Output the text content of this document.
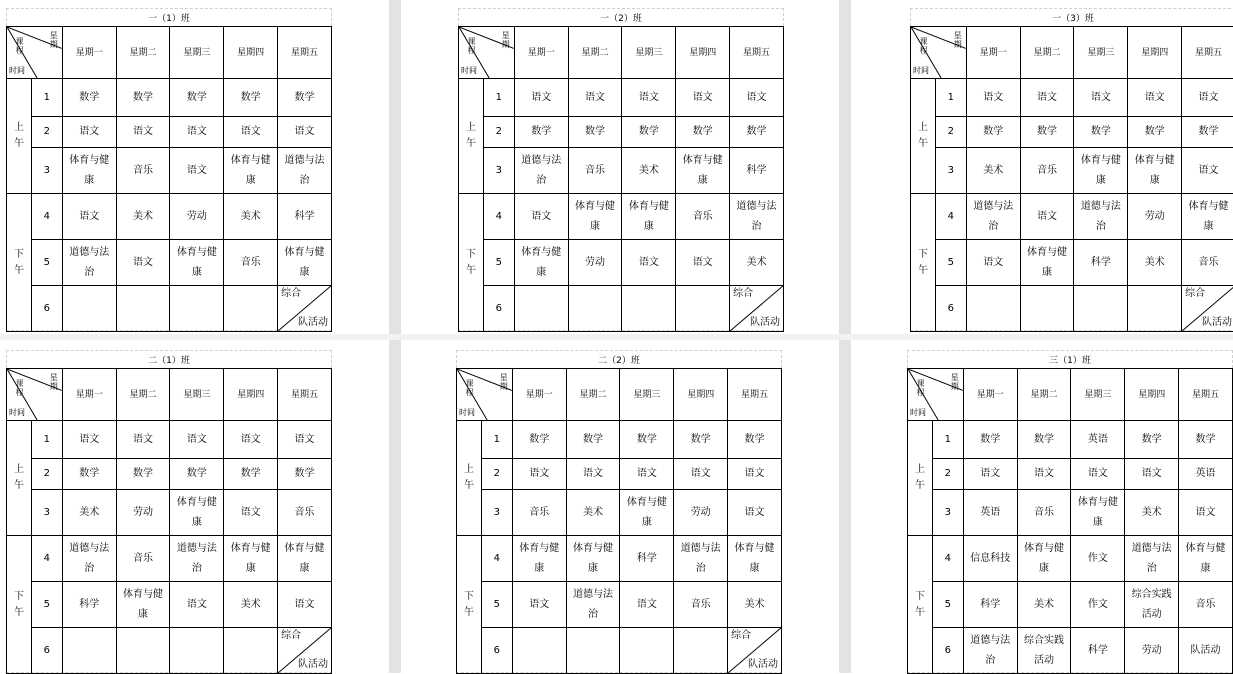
一（1）班
星期
课程
时间		星期一	星期二	星期三	星期四	星期五

上
午	1	数学	数学	数学	数学	数学
	2	语文	语文	语文	语文	语文
	3	体育与健康	音乐	语文	体育与健康	道德与法治

下
午	4	语文	美术	劳动	美术	科学
	5	道德与法治	语文	体育与健康	音乐	体育与健康
	6					综合
队活动
一（2）班
星期
课程
时间		星期一	星期二	星期三	星期四	星期五

上
午	1	语文	语文	语文	语文	语文
	2	数学	数学	数学	数学	数学
	3	道德与法治	音乐	美术	体育与健康	科学

下
午	4	语文	体育与健康	体育与健康	音乐	道德与法治
	5	体育与健康	劳动	语文	语文	美术
	6					综合
队活动
一（3）班
星期
课程
时间		星期一	星期二	星期三	星期四	星期五

上
午	1	语文	语文	语文	语文	语文
	2	数学	数学	数学	数学	数学
	3	美术	音乐	体育与健康	体育与健康	语文

下
午	4	道德与法治	语文	道德与法治	劳动	体育与健康
	5	语文	体育与健康	科学	美术	音乐
	6					综合
队活动
二（1）班
星期
课程
时间		星期一	星期二	星期三	星期四	星期五

上
午	1	语文	语文	语文	语文	语文
	2	数学	数学	数学	数学	数学
	3	美术	劳动	体育与健康	语文	音乐

下
午	4	道德与法治	音乐	道德与法治	体育与健康	体育与健康
	5	科学	体育与健康	语文	美术	语文
	6					综合
队活动
二（2）班
星期
课程
时间		星期一	星期二	星期三	星期四	星期五

上
午	1	数学	数学	数学	数学	数学
	2	语文	语文	语文	语文	语文
	3	音乐	美术	体育与健康	劳动	语文

下
午	4	体育与健康	体育与健康	科学	道德与法治	体育与健康
	5	语文	道德与法治	语文	音乐	美术
	6					综合
队活动
三（1）班
星期
课程
时间		星期一	星期二	星期三	星期四	星期五

上
午	1	数学	数学	英语	数学	数学
	2	语文	语文	语文	语文	英语
	3	英语	音乐	体育与健康	美术	语文

下
午	4	信息科技	体育与健康	作文	道德与法治	体育与健康
	5	科学	美术	作文	综合实践活动	音乐
	6	道德与法治	综合实践活动	科学	劳动	队活动
